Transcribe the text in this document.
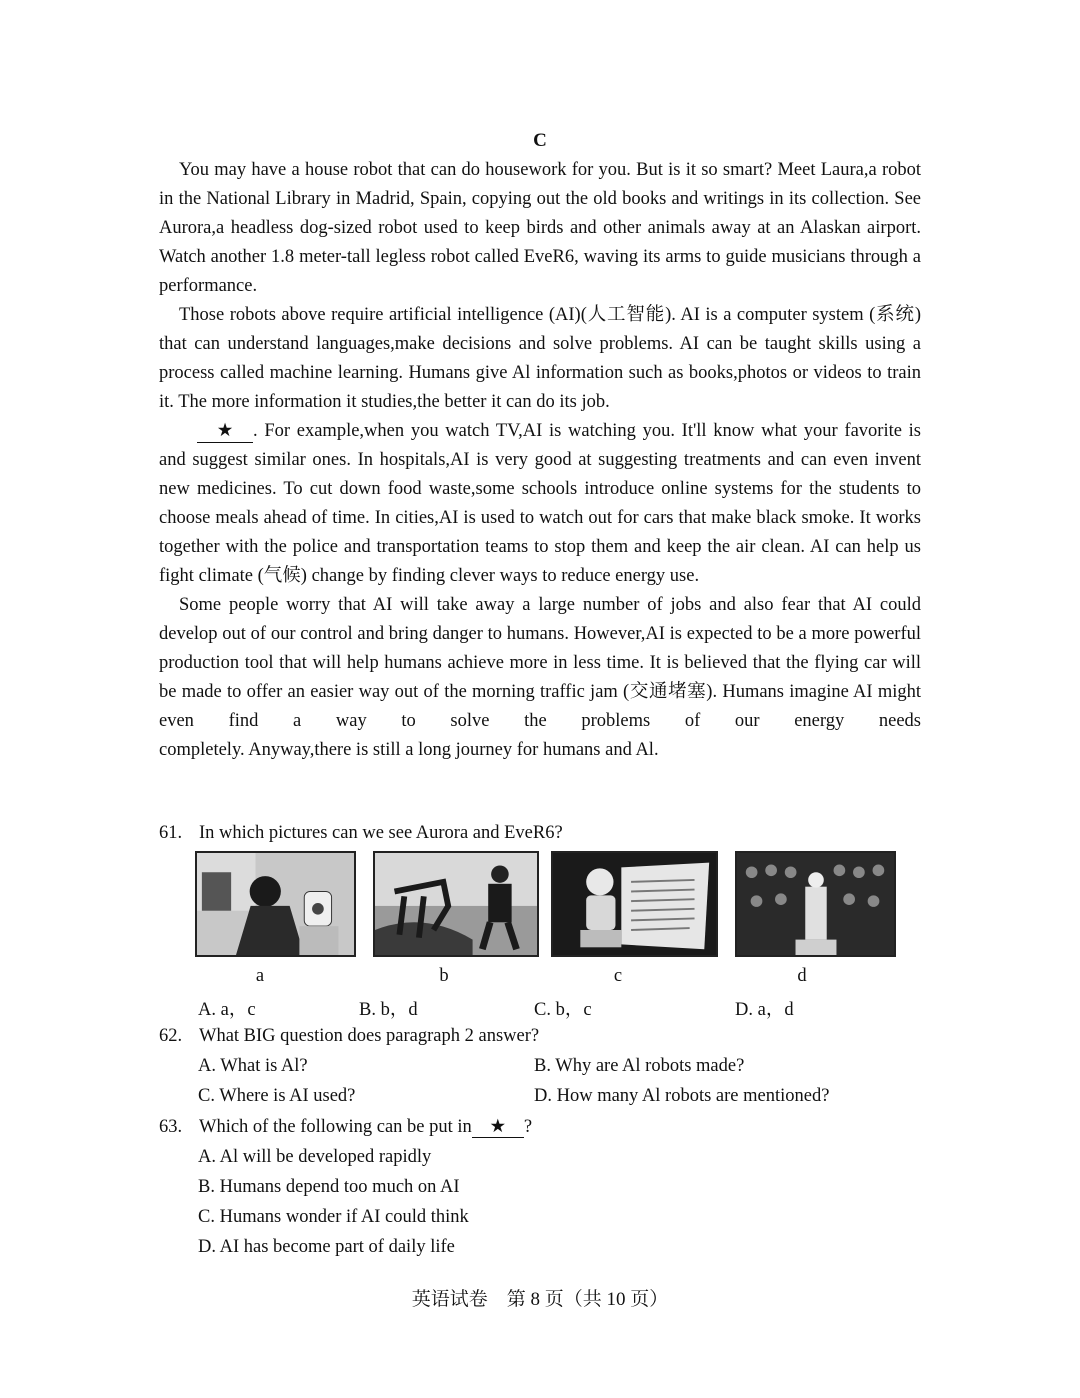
C

You may have a house robot that can do housework for you. But is it so smart? Meet Laura,a robot in the National Library in Madrid, Spain, copying out the old books and writings in its collection. See Aurora,a headless dog-sized robot used to keep birds and other animals away at an Alaskan airport. Watch another 1.8 meter-tall legless robot called EveR6, waving its arms to guide musicians through a performance.

Those robots above require artificial intelligence (AI)(人工智能). AI is a computer system (系统) that can understand languages,make decisions and solve problems. AI can be taught skills using a process called machine learning. Humans give Al information such as books,photos or videos to train it. The more information it studies,the better it can do its job.

★ . For example,when you watch TV,AI is watching you. It'll know what your favorite is and suggest similar ones. In hospitals,AI is very good at suggesting treatments and can even invent new medicines. To cut down food waste,some schools introduce online systems for the students to choose meals ahead of time. In cities,AI is used to watch out for cars that make black smoke. It works together with the police and transportation teams to stop them and keep the air clean. AI can help us fight climate (气候) change by finding clever ways to reduce energy use.

Some people worry that AI will take away a large number of jobs and also fear that AI could develop out of our control and bring danger to humans. However,AI is expected to be a more powerful production tool that will help humans achieve more in less time. It is believed that the flying car will be made to offer an easier way out of the morning traffic jam (交通堵塞). Humans imagine AI might even find a way to solve the problems of our energy needs

completely. Anyway,there is still a long journey for humans and Al.

61. In which pictures can we see Aurora and EveR6?
a	b	c	d
A. a，c	B. b，d	C. b，c	D. a，d
62. What BIG question does paragraph 2 answer?
A. What is Al?	B. Why are Al robots made?
C. Where is AI used?	D. How many Al robots are mentioned?
63. Which of the following can be put in ★ ?
A. Al will be developed rapidly
B. Humans depend too much on AI
C. Humans wonder if AI could think
D. AI has become part of daily life
英语试卷　第 8 页（共 10 页）
